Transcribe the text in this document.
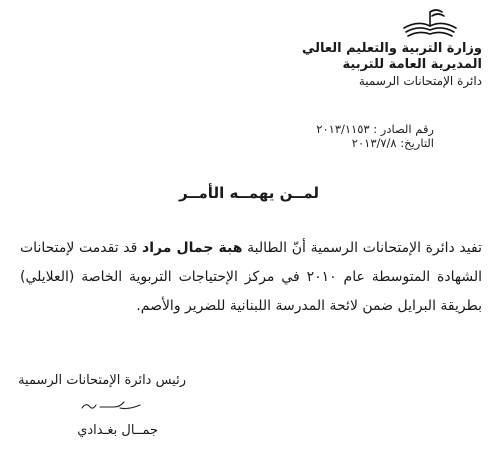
وزارة التربية والتعليم العالي
المديرية العامة للتربية
دائرة الإمتحانات الرسمية
رقم الصادر : ٢٠١٣/١١٥٣
التاريخ: ٢٠١٣/٧/٨
لمــن يهمــه الأمــر
تفيد دائرة الإمتحانات الرسمية أنّ الطالبة هبة جمال مراد قد تقدمت لإمتحانات الشهادة المتوسطة عام ٢٠١٠ في مركز الإحتياجات التربوية الخاصة (العلايلي) بطريقة البرايل ضمن لائحة المدرسة اللبنانية للضرير والأصم.
رئيس دائرة الإمتحانات الرسمية
جمــال بغـدادي
